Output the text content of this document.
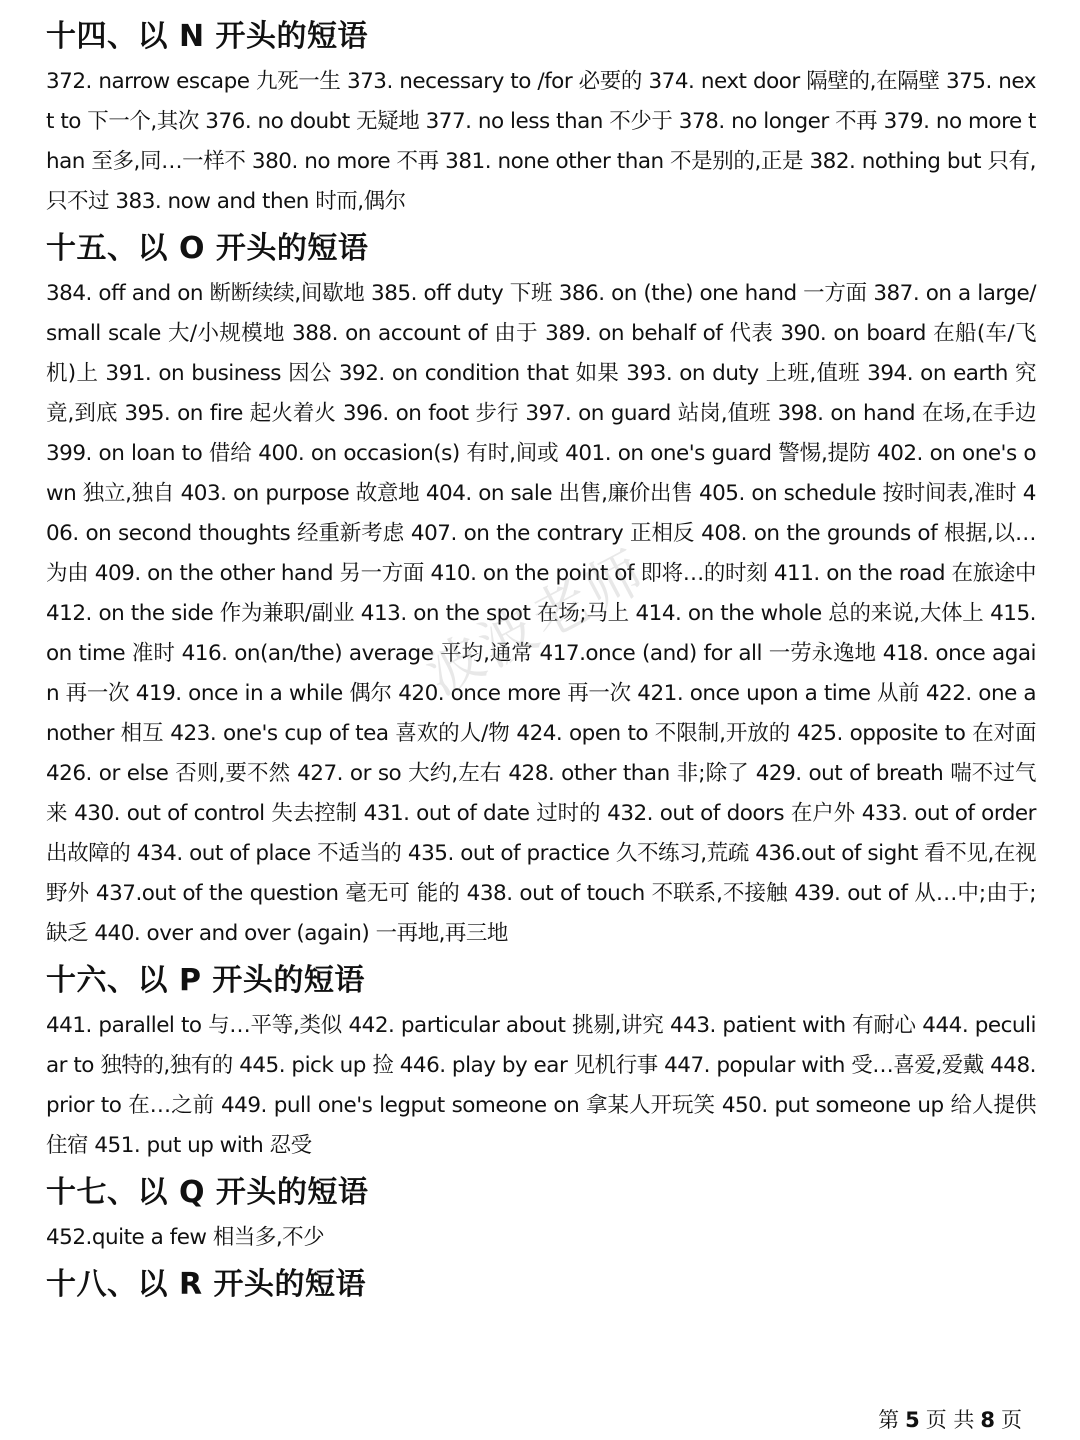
十四、以 N 开头的短语

372. narrow escape 九死一生 373. necessary to /for 必要的 374. next door 隔壁的,在隔壁 375. next to 下一个,其次 376. no doubt 无疑地 377. no less than 不少于 378. no longer 不再 379. no more than 至多,同…一样不 380. no more 不再 381. none other than 不是别的,正是 382. nothing but 只有,只不过 383. now and then 时而,偶尔

十五、以 O 开头的短语

384. off and on 断断续续,间歇地 385. off duty 下班 386. on (the) one hand 一方面 387. on a large/small scale 大/小规模地 388. on account of 由于 389. on behalf of 代表 390. on board 在船(车/飞机)上 391. on business 因公 392. on condition that 如果 393. on duty 上班,值班 394. on earth 究竟,到底 395. on fire 起火着火 396. on foot 步行 397. on guard 站岗,值班 398. on hand 在场,在手边 399. on loan to 借给 400. on occasion(s) 有时,间或 401. on one's guard 警惕,提防 402. on one's own 独立,独自 403. on purpose 故意地 404. on sale 出售,廉价出售 405. on schedule 按时间表,准时 406. on second thoughts 经重新考虑 407. on the contrary 正相反 408. on the grounds of 根据,以…为由 409. on the other hand 另一方面 410. on the point of 即将…的时刻 411. on the road 在旅途中 412. on the side 作为兼职/副业 413. on the spot 在场;马上 414. on the whole 总的来说,大体上 415. on time 准时 416. on(an/the) average 平均,通常 417.once (and) for all 一劳永逸地 418. once again 再一次 419. once in a while 偶尔 420. once more 再一次 421. once upon a time 从前 422. one another 相互 423. one's cup of tea 喜欢的人/物 424. open to 不限制,开放的 425. opposite to 在对面 426. or else 否则,要不然 427. or so 大约,左右 428. other than 非;除了 429. out of breath 喘不过气来 430. out of control 失去控制 431. out of date 过时的 432. out of doors 在户外 433. out of order 出故障的 434. out of place 不适当的 435. out of practice 久不练习,荒疏 436.out of sight 看不见,在视野外 437.out of the question 毫无可 能的 438. out of touch 不联系,不接触 439. out of 从…中;由于;缺乏 440. over and over (again) 一再地,再三地

十六、以 P 开头的短语

441. parallel to 与…平等,类似 442. particular about 挑剔,讲究 443. patient with 有耐心 444. peculiar to 独特的,独有的 445. pick up 捡 446. play by ear 见机行事 447. popular with 受…喜爱,爱戴 448. prior to 在…之前 449. pull one's legput someone on 拿某人开玩笑 450. put someone up 给人提供住宿 451. put up with 忍受

十七、以 Q 开头的短语

452.quite a few 相当多,不少

十八、以 R 开头的短语
波波老师
第 5 页 共 8 页
